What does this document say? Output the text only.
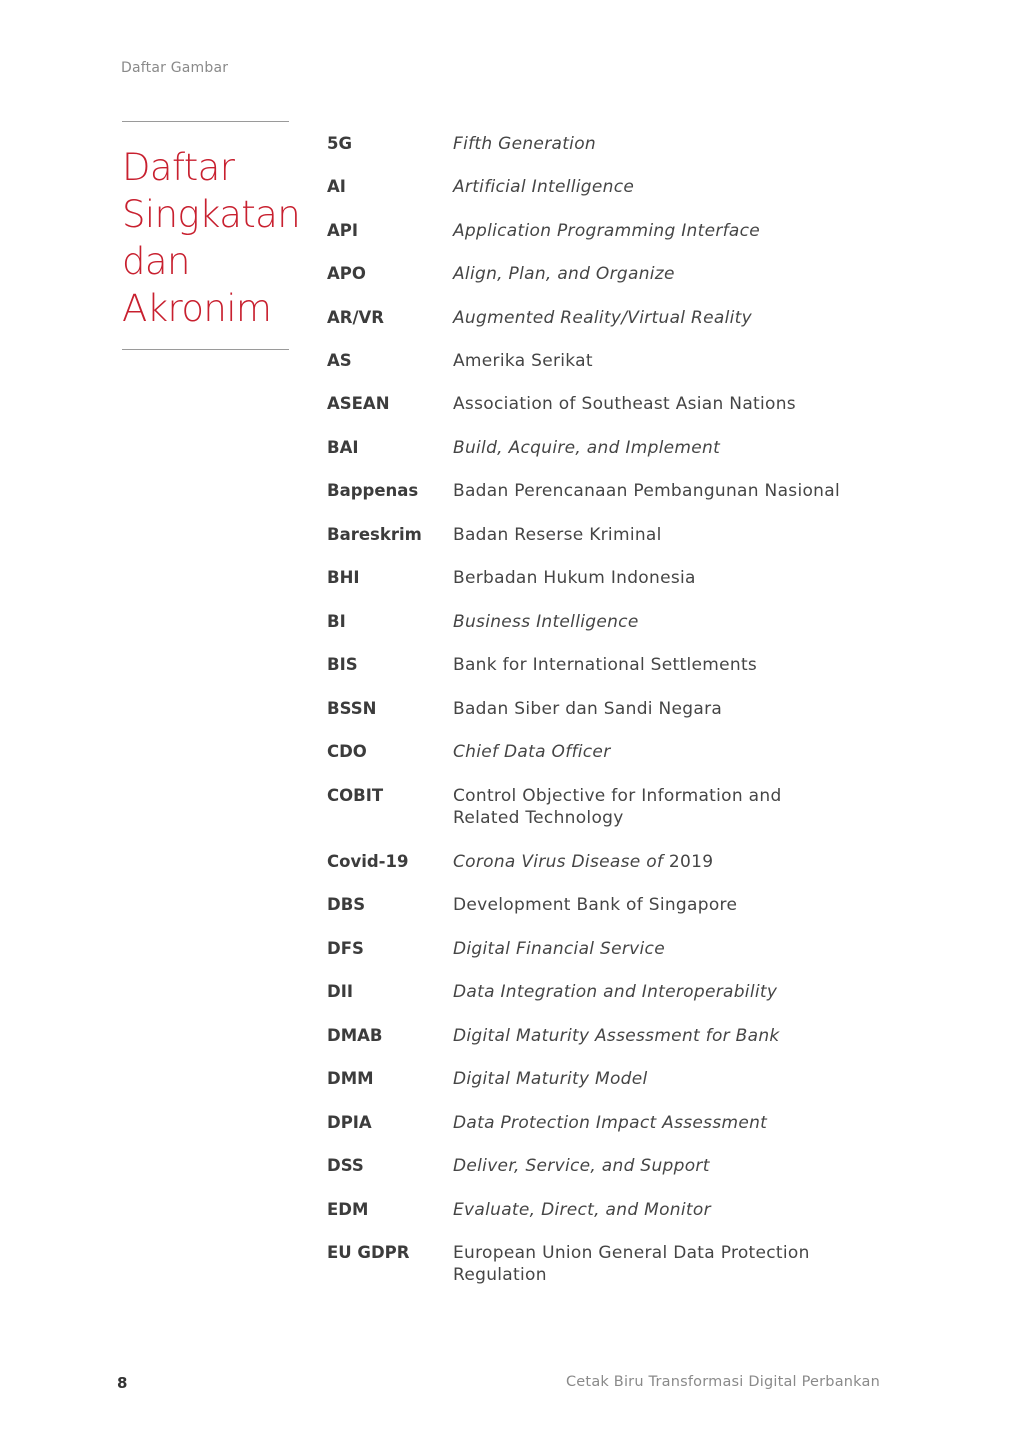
Daftar Gambar
Daftar
Singkatan
dan
Akronim
5G	Fifth Generation
AI	Artificial Intelligence
API	Application Programming Interface
APO	Align, Plan, and Organize
AR/VR	Augmented Reality/Virtual Reality
AS	Amerika Serikat
ASEAN	Association of Southeast Asian Nations
BAI	Build, Acquire, and Implement
Bappenas	Badan Perencanaan Pembangunan Nasional
Bareskrim	Badan Reserse Kriminal
BHI	Berbadan Hukum Indonesia
BI	Business Intelligence
BIS	Bank for International Settlements
BSSN	Badan Siber dan Sandi Negara
CDO	Chief Data Officer
COBIT	Control Objective for Information and Related Technology
Covid-19	Corona Virus Disease of 2019
DBS	Development Bank of Singapore
DFS	Digital Financial Service
DII	Data Integration and Interoperability
DMAB	Digital Maturity Assessment for Bank
DMM	Digital Maturity Model
DPIA	Data Protection Impact Assessment
DSS	Deliver, Service, and Support
EDM	Evaluate, Direct, and Monitor
EU GDPR	European Union General Data Protection Regulation
8	Cetak Biru Transformasi Digital Perbankan
